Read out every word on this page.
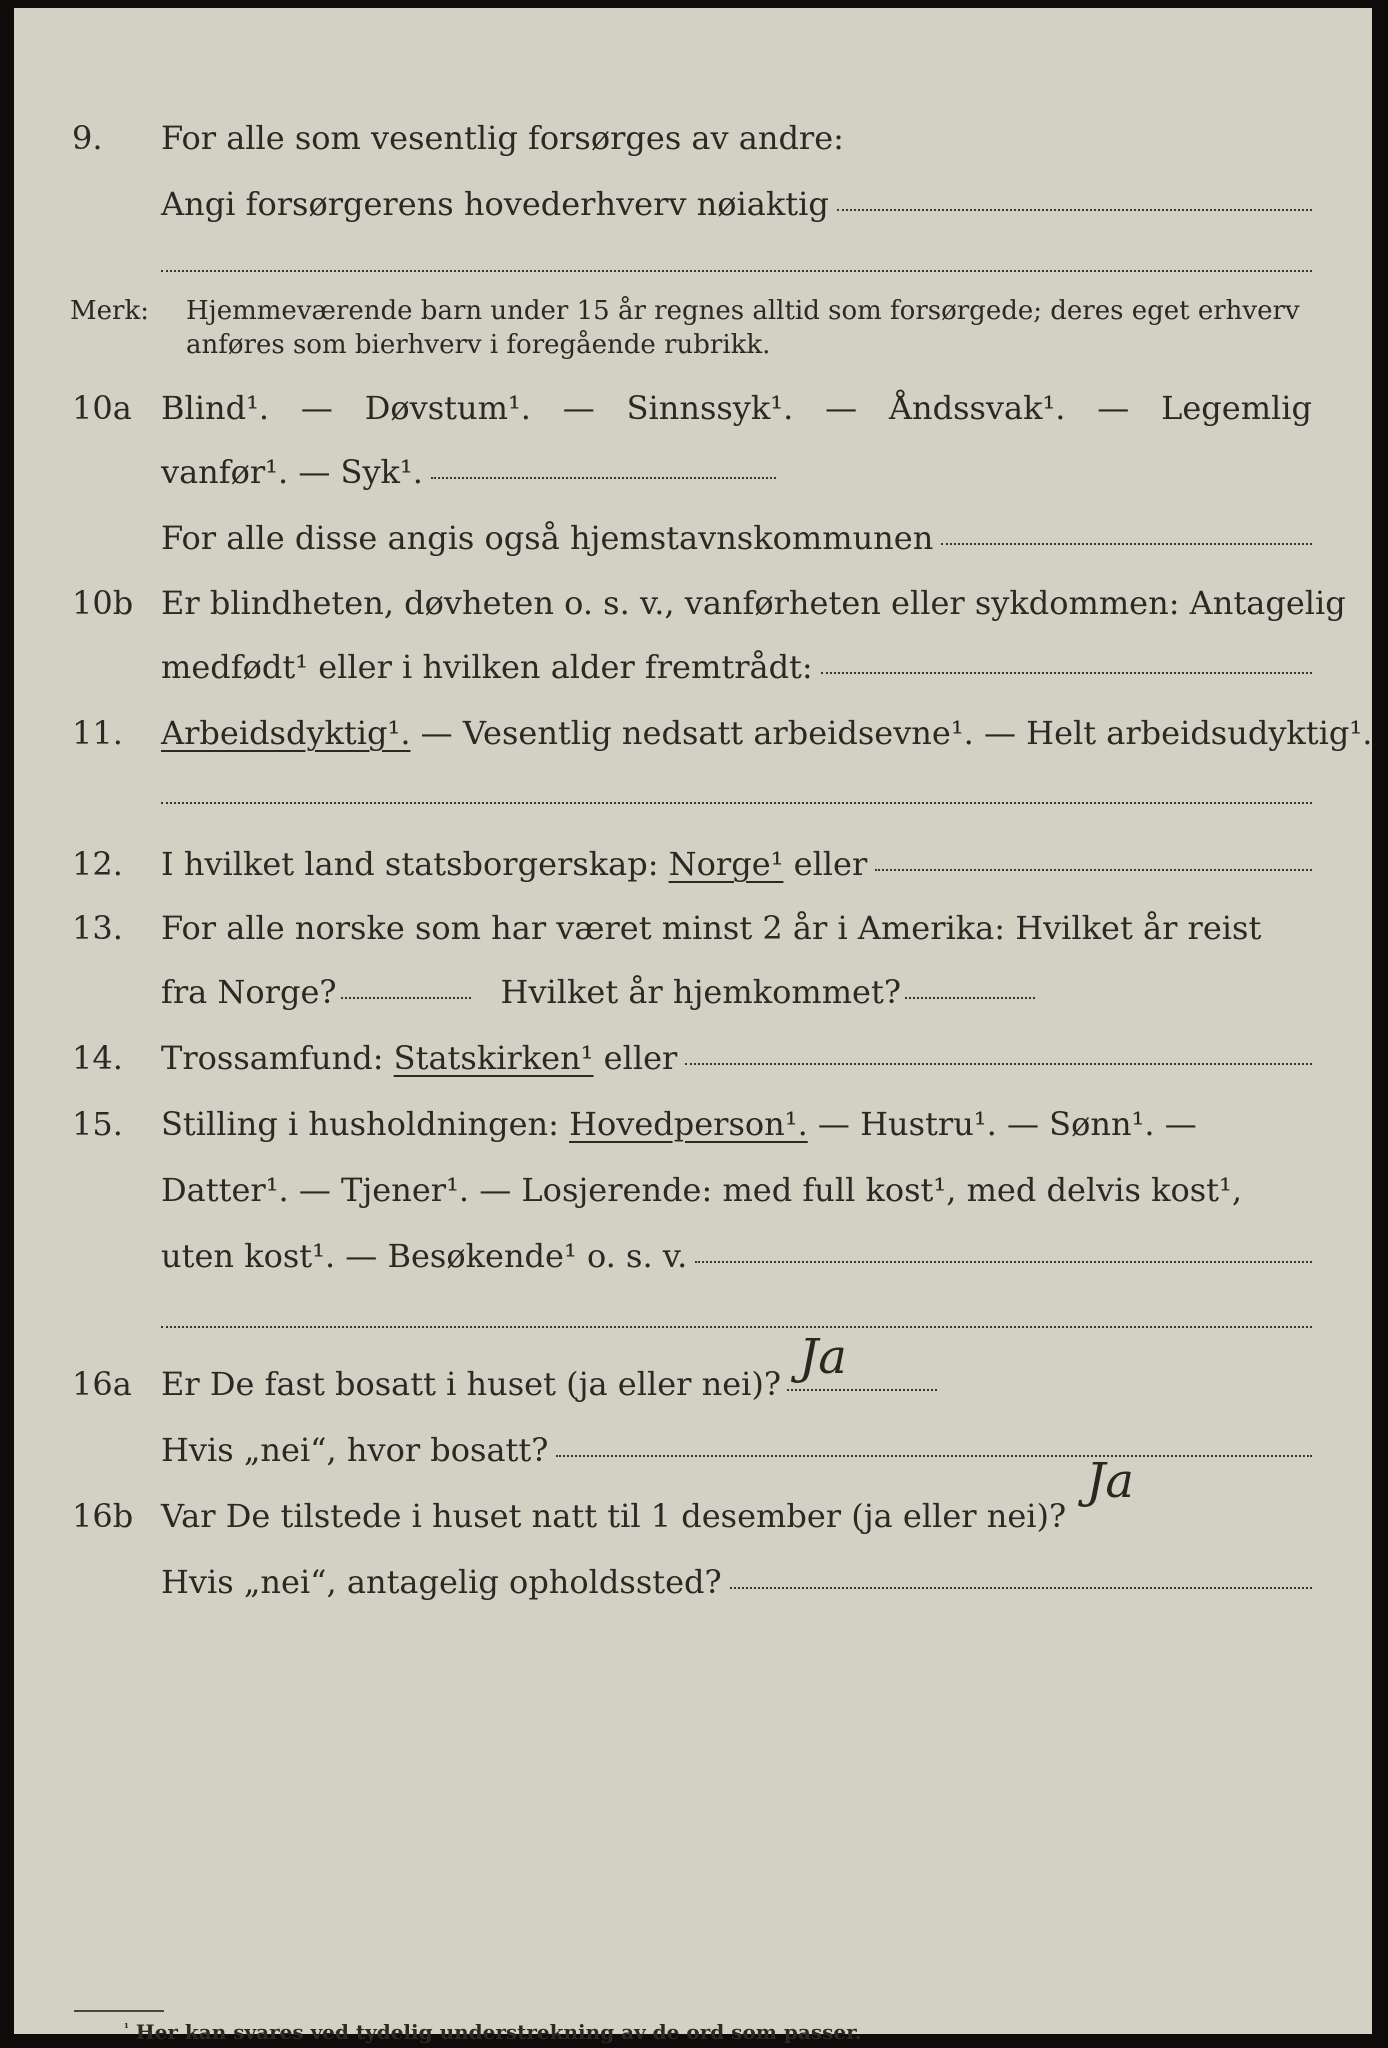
9. For alle som vesentlig forsørges av andre:
Angi forsørgerens hovederhverv nøiaktig
Merk: Hjemmeværende barn under 15 år regnes alltid som forsørgede; deres eget erhverv
anføres som bierhverv i foregående rubrikk.
10a Blind¹. — Døvstum¹. — Sinnssyk¹. — Åndssvak¹. — Legemlig
vanfør¹. — Syk¹.
For alle disse angis også hjemstavnskommunen
10b Er blindheten, døvheten o. s. v., vanførheten eller sykdommen: Antagelig
medfødt¹ eller i hvilken alder fremtrådt:
11. Arbeidsdyktig¹. — Vesentlig nedsatt arbeidsevne¹. — Helt arbeidsudyktig¹.
12. I hvilket land statsborgerskap: Norge¹ eller
13. For alle norske som har været minst 2 år i Amerika: Hvilket år reist
fra Norge?	Hvilket år hjemkommet?
14. Trossamfund: Statskirken¹ eller
15. Stilling i husholdningen: Hovedperson¹. — Hustru¹. — Sønn¹. —
Datter¹. — Tjener¹. — Losjerende: med full kost¹, med delvis kost¹,
uten kost¹. — Besøkende¹ o. s. v.
16a Er De fast bosatt i huset (ja eller nei)? Ja
Hvis „nei“, hvor bosatt?
16b Var De tilstede i huset natt til 1 desember (ja eller nei)?
Ja
Hvis „nei“, antagelig opholdssted?
$^{^1}$ Her kan svares ved tydelig understrekning av de ord som passer.
